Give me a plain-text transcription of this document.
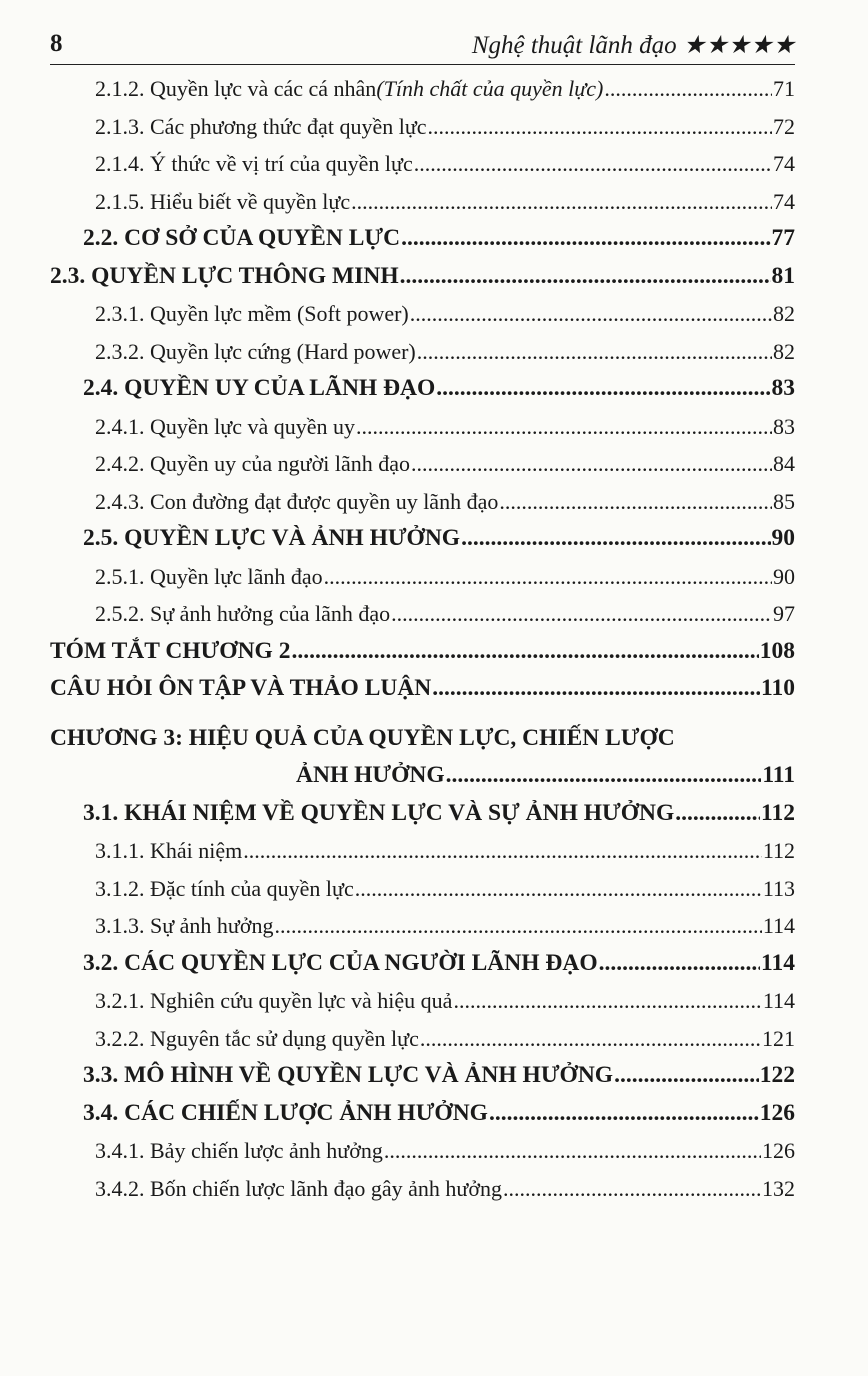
8	Nghệ thuật lãnh đạo ★★★★★
2.1.2. Quyền lực và các cá nhân (Tính chất của quyền lực) .....	71
2.1.3. Các phương thức đạt quyền lực .....	72
2.1.4. Ý thức về vị trí của quyền lực .....	74
2.1.5. Hiểu biết về quyền lực .....	74
2.2. CƠ SỞ CỦA QUYỀN LỰC .....	77
2.3. QUYỀN LỰC THÔNG MINH .....	81
2.3.1. Quyền lực mềm (Soft power) .....	82
2.3.2. Quyền lực cứng (Hard power) .....	82
2.4. QUYỀN UY CỦA LÃNH ĐẠO .....	83
2.4.1. Quyền lực và quyền uy .....	83
2.4.2. Quyền uy của người lãnh đạo .....	84
2.4.3. Con đường đạt được quyền uy lãnh đạo .....	85
2.5. QUYỀN LỰC VÀ ẢNH HƯỞNG .....	90
2.5.1. Quyền lực lãnh đạo .....	90
2.5.2. Sự ảnh hưởng của lãnh đạo .....	97
TÓM TẮT CHƯƠNG 2 .....	108
CÂU HỎI ÔN TẬP VÀ THẢO LUẬN .....	110
CHƯƠNG 3: HIỆU QUẢ CỦA QUYỀN LỰC, CHIẾN LƯỢC
ẢNH HƯỞNG .....	111
3.1. KHÁI NIỆM VỀ QUYỀN LỰC VÀ SỰ ẢNH HƯỞNG .....	112
3.1.1. Khái niệm .....	112
3.1.2. Đặc tính của quyền lực .....	113
3.1.3. Sự ảnh hưởng .....	114
3.2. CÁC QUYỀN LỰC CỦA NGƯỜI LÃNH ĐẠO .....	114
3.2.1. Nghiên cứu quyền lực và hiệu quả .....	114
3.2.2. Nguyên tắc sử dụng quyền lực .....	121
3.3. MÔ HÌNH VỀ QUYỀN LỰC VÀ ẢNH HƯỞNG .....	122
3.4. CÁC CHIẾN LƯỢC ẢNH HƯỞNG .....	126
3.4.1. Bảy chiến lược ảnh hưởng .....	126
3.4.2. Bốn chiến lược lãnh đạo gây ảnh hưởng .....	132
